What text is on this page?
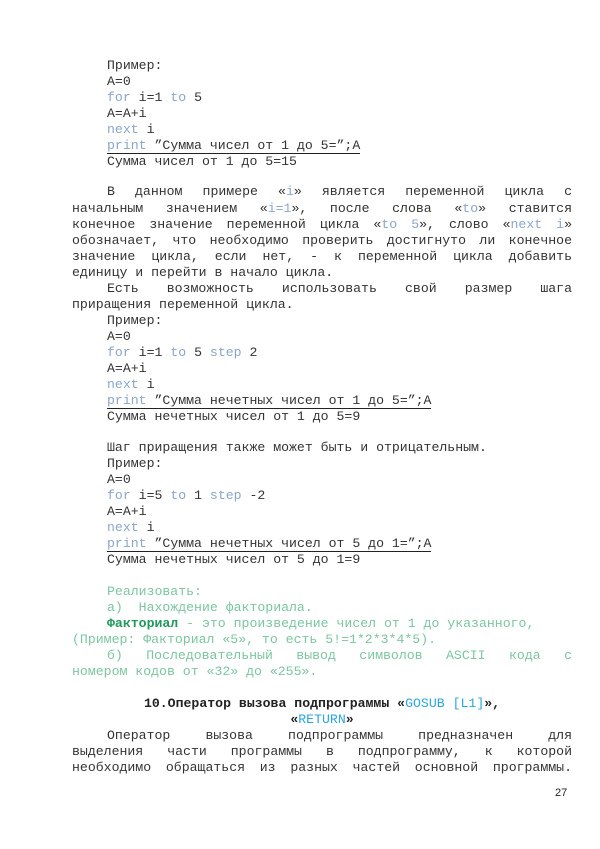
Пример:
A=0
for i=1 to 5
A=A+i
next i
print ”Сумма чисел от 1 до 5=”;A
Сумма чисел от 1 до 5=15
В данном примере «i» является переменной цикла с
начальным значением «i=1», после слова «to» ставится
конечное значение переменной цикла «to 5», слово «next i»
обозначает, что необходимо проверить достигнуто ли конечное
значение цикла, если нет, - к переменной цикла добавить
единицу и перейти в начало цикла.
Есть возможность использовать свой размер шага
приращения переменной цикла.
Пример:
A=0
for i=1 to 5 step 2
A=A+i
next i
print ”Сумма нечетных чисел от 1 до 5=”;A
Сумма нечетных чисел от 1 до 5=9
Шаг приращения также может быть и отрицательным.
Пример:
A=0
for i=5 to 1 step -2
A=A+i
next i
print ”Сумма нечетных чисел от 5 до 1=”;A
Сумма нечетных чисел от 5 до 1=9
Реализовать:
а)  Нахождение факториала.
Факториал - это произведение чисел от 1 до указанного,
(Пример: Факториал «5», то есть 5!=1*2*3*4*5).
б) Последовательный вывод символов ASCII кода с
номером кодов от «32» до «255».
10.Оператор вызова подпрограммы «GOSUB [L1]»,
«RETURN»
Оператор вызова подпрограммы предназначен для
выделения части программы в подпрограмму, к которой
необходимо обращаться из разных частей основной программы.
27
